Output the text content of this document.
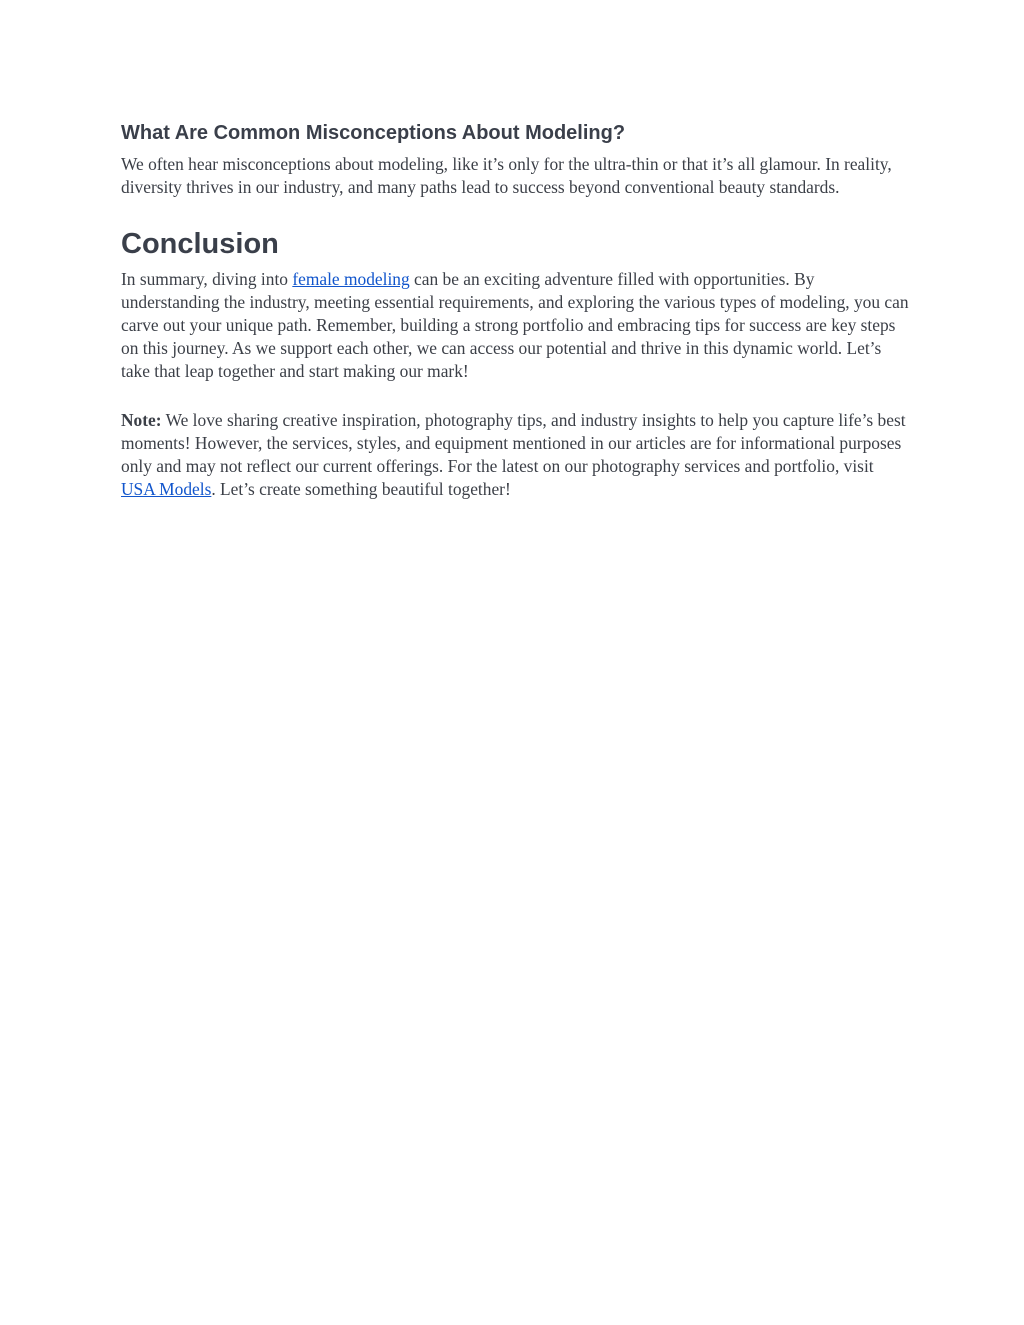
What Are Common Misconceptions About Modeling?

We often hear misconceptions about modeling, like it’s only for the ultra-thin or that it’s all glamour. In reality, diversity thrives in our industry, and many paths lead to success beyond conventional beauty standards.

Conclusion

In summary, diving into female modeling can be an exciting adventure filled with opportunities. By understanding the industry, meeting essential requirements, and exploring the various types of modeling, you can carve out your unique path. Remember, building a strong portfolio and embracing tips for success are key steps on this journey. As we support each other, we can access our potential and thrive in this dynamic world. Let’s take that leap together and start making our mark!

Note: We love sharing creative inspiration, photography tips, and industry insights to help you capture life’s best moments! However, the services, styles, and equipment mentioned in our articles are for informational purposes only and may not reflect our current offerings. For the latest on our photography services and portfolio, visit USA Models. Let’s create something beautiful together!
